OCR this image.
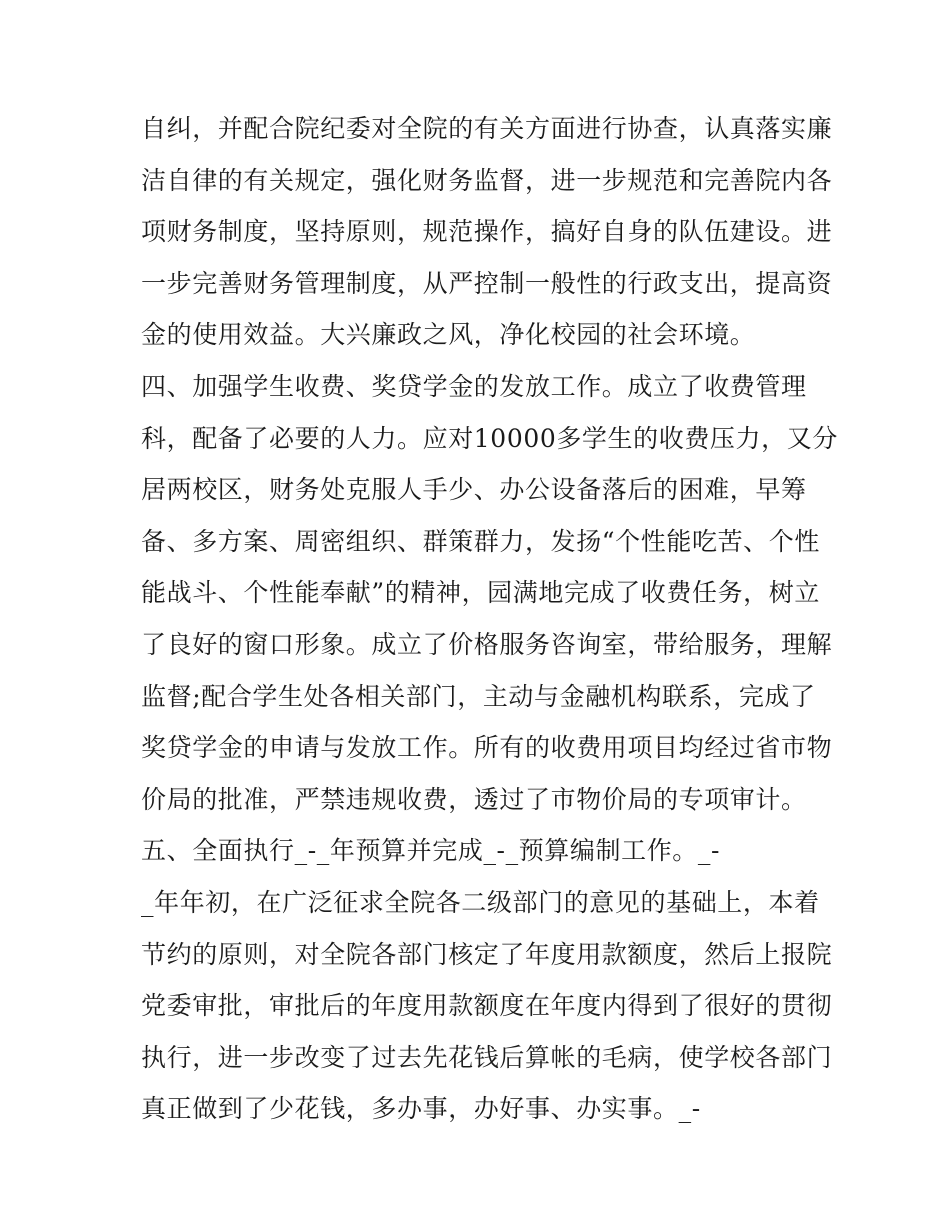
自纠，并配合院纪委对全院的有关方面进行协查，认真落实廉
洁自律的有关规定，强化财务监督，进一步规范和完善院内各
项财务制度，坚持原则，规范操作，搞好自身的队伍建设。进
一步完善财务管理制度，从严控制一般性的行政支出，提高资
金的使用效益。大兴廉政之风，净化校园的社会环境。
四、加强学生收费、奖贷学金的发放工作。成立了收费管理
科，配备了必要的人力。应对10000多学生的收费压力，又分
居两校区，财务处克服人手少、办公设备落后的困难，早筹
备、多方案、周密组织、群策群力，发扬“个性能吃苦、个性
能战斗、个性能奉献”的精神，园满地完成了收费任务，树立
了良好的窗口形象。成立了价格服务咨询室，带给服务，理解
监督;配合学生处各相关部门，主动与金融机构联系，完成了
奖贷学金的申请与发放工作。所有的收费用项目均经过省市物
价局的批准，严禁违规收费，透过了市物价局的专项审计。
五、全面执行_-_年预算并完成_-_预算编制工作。_-
_年年初，在广泛征求全院各二级部门的意见的基础上，本着
节约的原则，对全院各部门核定了年度用款额度，然后上报院
党委审批，审批后的年度用款额度在年度内得到了很好的贯彻
执行，进一步改变了过去先花钱后算帐的毛病，使学校各部门
真正做到了少花钱，多办事，办好事、办实事。_-
